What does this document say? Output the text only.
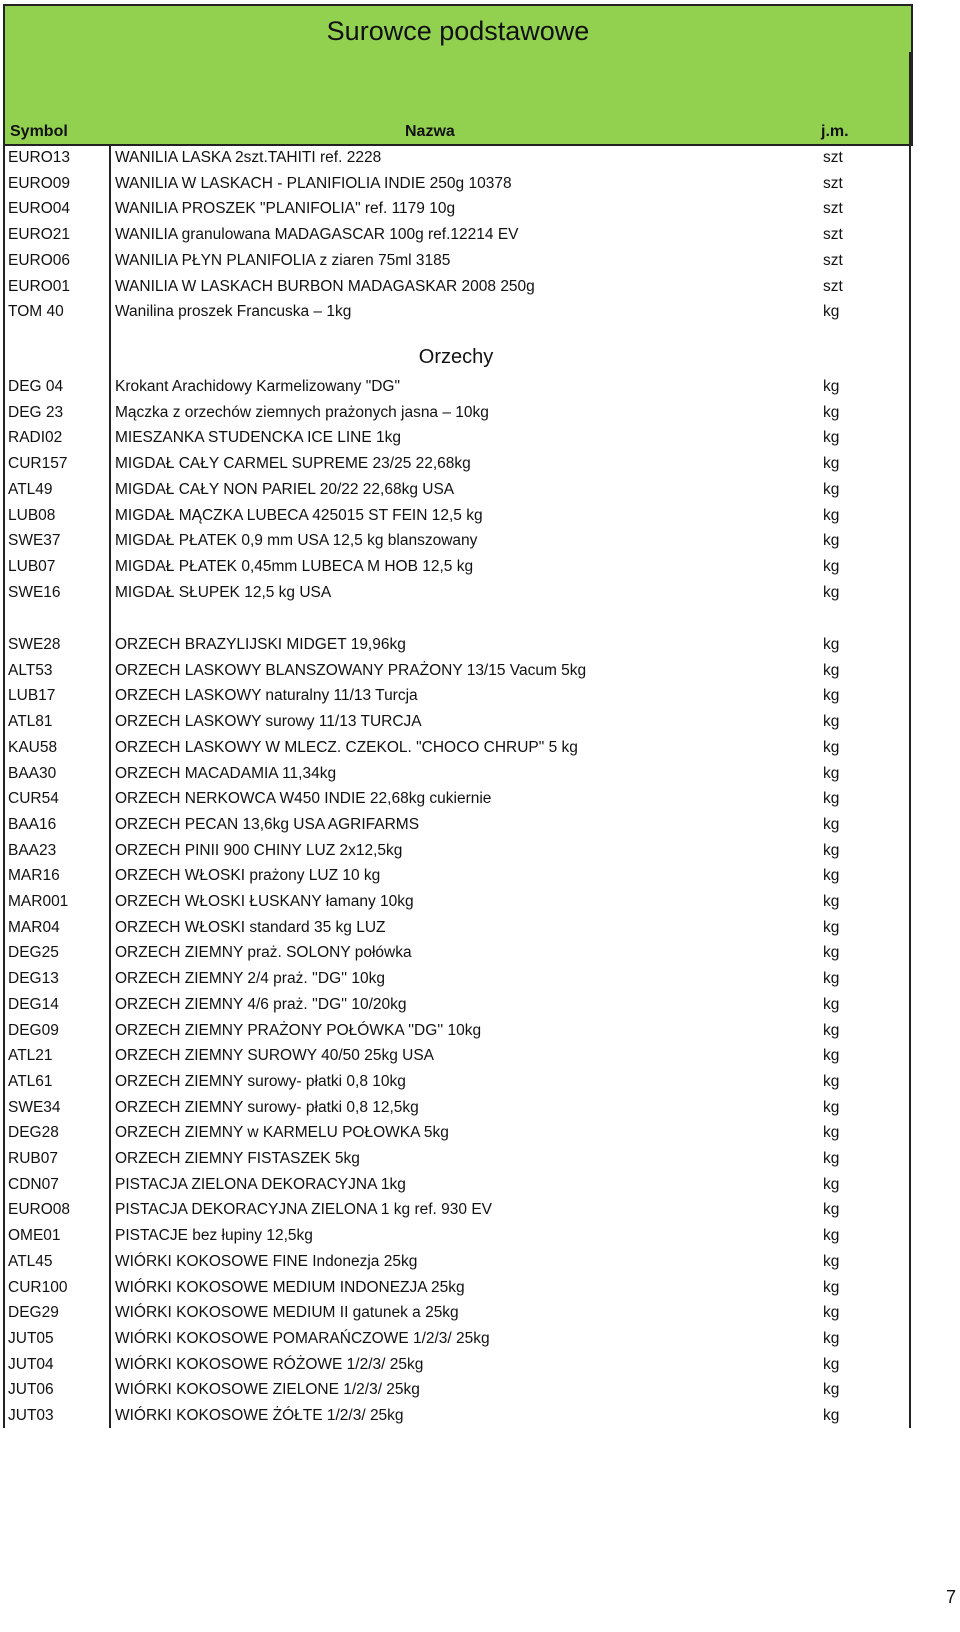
Surowce podstawowe
Symbol	Nazwa	j.m.
EURO13	WANILIA LASKA 2szt.TAHITI ref. 2228	szt
EURO09	WANILIA W LASKACH - PLANIFIOLIA INDIE 250g 10378	szt
EURO04	WANILIA PROSZEK "PLANIFOLIA" ref. 1179 10g	szt
EURO21	WANILIA granulowana MADAGASCAR 100g ref.12214 EV	szt
EURO06	WANILIA PŁYN PLANIFOLIA z ziaren 75ml 3185	szt
EURO01	WANILIA W LASKACH BURBON MADAGASKAR 2008 250g	szt
TOM 40	Wanilina proszek Francuska – 1kg	kg
Orzechy
DEG 04	Krokant Arachidowy Karmelizowany "DG"	kg
DEG 23	Mączka z orzechów ziemnych prażonych jasna – 10kg	kg
RADI02	MIESZANKA STUDENCKA ICE LINE 1kg	kg
CUR157	MIGDAŁ CAŁY CARMEL SUPREME 23/25 22,68kg	kg
ATL49	MIGDAŁ CAŁY NON PARIEL 20/22 22,68kg USA	kg
LUB08	MIGDAŁ MĄCZKA LUBECA 425015 ST FEIN 12,5 kg	kg
SWE37	MIGDAŁ PŁATEK 0,9 mm USA 12,5 kg blanszowany	kg
LUB07	MIGDAŁ PŁATEK 0,45mm LUBECA M HOB 12,5 kg	kg
SWE16	MIGDAŁ SŁUPEK 12,5 kg USA	kg
SWE28	ORZECH BRAZYLIJSKI MIDGET 19,96kg	kg
ALT53	ORZECH LASKOWY BLANSZOWANY PRAŻONY 13/15 Vacum 5kg	kg
LUB17	ORZECH LASKOWY naturalny 11/13 Turcja	kg
ATL81	ORZECH LASKOWY surowy 11/13 TURCJA	kg
KAU58	ORZECH LASKOWY W MLECZ. CZEKOL. "CHOCO CHRUP" 5 kg	kg
BAA30	ORZECH MACADAMIA 11,34kg	kg
CUR54	ORZECH NERKOWCA W450 INDIE 22,68kg cukiernie	kg
BAA16	ORZECH PECAN 13,6kg USA AGRIFARMS	kg
BAA23	ORZECH PINII 900 CHINY LUZ 2x12,5kg	kg
MAR16	ORZECH WŁOSKI prażony LUZ 10 kg	kg
MAR001	ORZECH WŁOSKI ŁUSKANY łamany 10kg	kg
MAR04	ORZECH WŁOSKI standard 35 kg LUZ	kg
DEG25	ORZECH ZIEMNY praż. SOLONY połówka	kg
DEG13	ORZECH ZIEMNY 2/4 praż. ''DG'' 10kg	kg
DEG14	ORZECH ZIEMNY 4/6 praż. ''DG'' 10/20kg	kg
DEG09	ORZECH ZIEMNY PRAŻONY POŁÓWKA ''DG'' 10kg	kg
ATL21	ORZECH ZIEMNY SUROWY 40/50 25kg USA	kg
ATL61	ORZECH ZIEMNY surowy- płatki 0,8 10kg	kg
SWE34	ORZECH ZIEMNY surowy- płatki 0,8 12,5kg	kg
DEG28	ORZECH ZIEMNY w KARMELU POŁOWKA 5kg	kg
RUB07	ORZECH ZIEMNY FISTASZEK 5kg	kg
CDN07	PISTACJA ZIELONA DEKORACYJNA 1kg	kg
EURO08	PISTACJA DEKORACYJNA ZIELONA 1 kg ref. 930 EV	kg
OME01	PISTACJE bez łupiny 12,5kg	kg
ATL45	WIÓRKI KOKOSOWE FINE Indonezja 25kg	kg
CUR100	WIÓRKI KOKOSOWE MEDIUM INDONEZJA 25kg	kg
DEG29	WIÓRKI KOKOSOWE MEDIUM II gatunek a 25kg	kg
JUT05	WIÓRKI KOKOSOWE POMARAŃCZOWE 1/2/3/ 25kg	kg
JUT04	WIÓRKI KOKOSOWE RÓŻOWE 1/2/3/ 25kg	kg
JUT06	WIÓRKI KOKOSOWE ZIELONE 1/2/3/ 25kg	kg
JUT03	WIÓRKI KOKOSOWE ŻÓŁTE 1/2/3/ 25kg	kg
7
